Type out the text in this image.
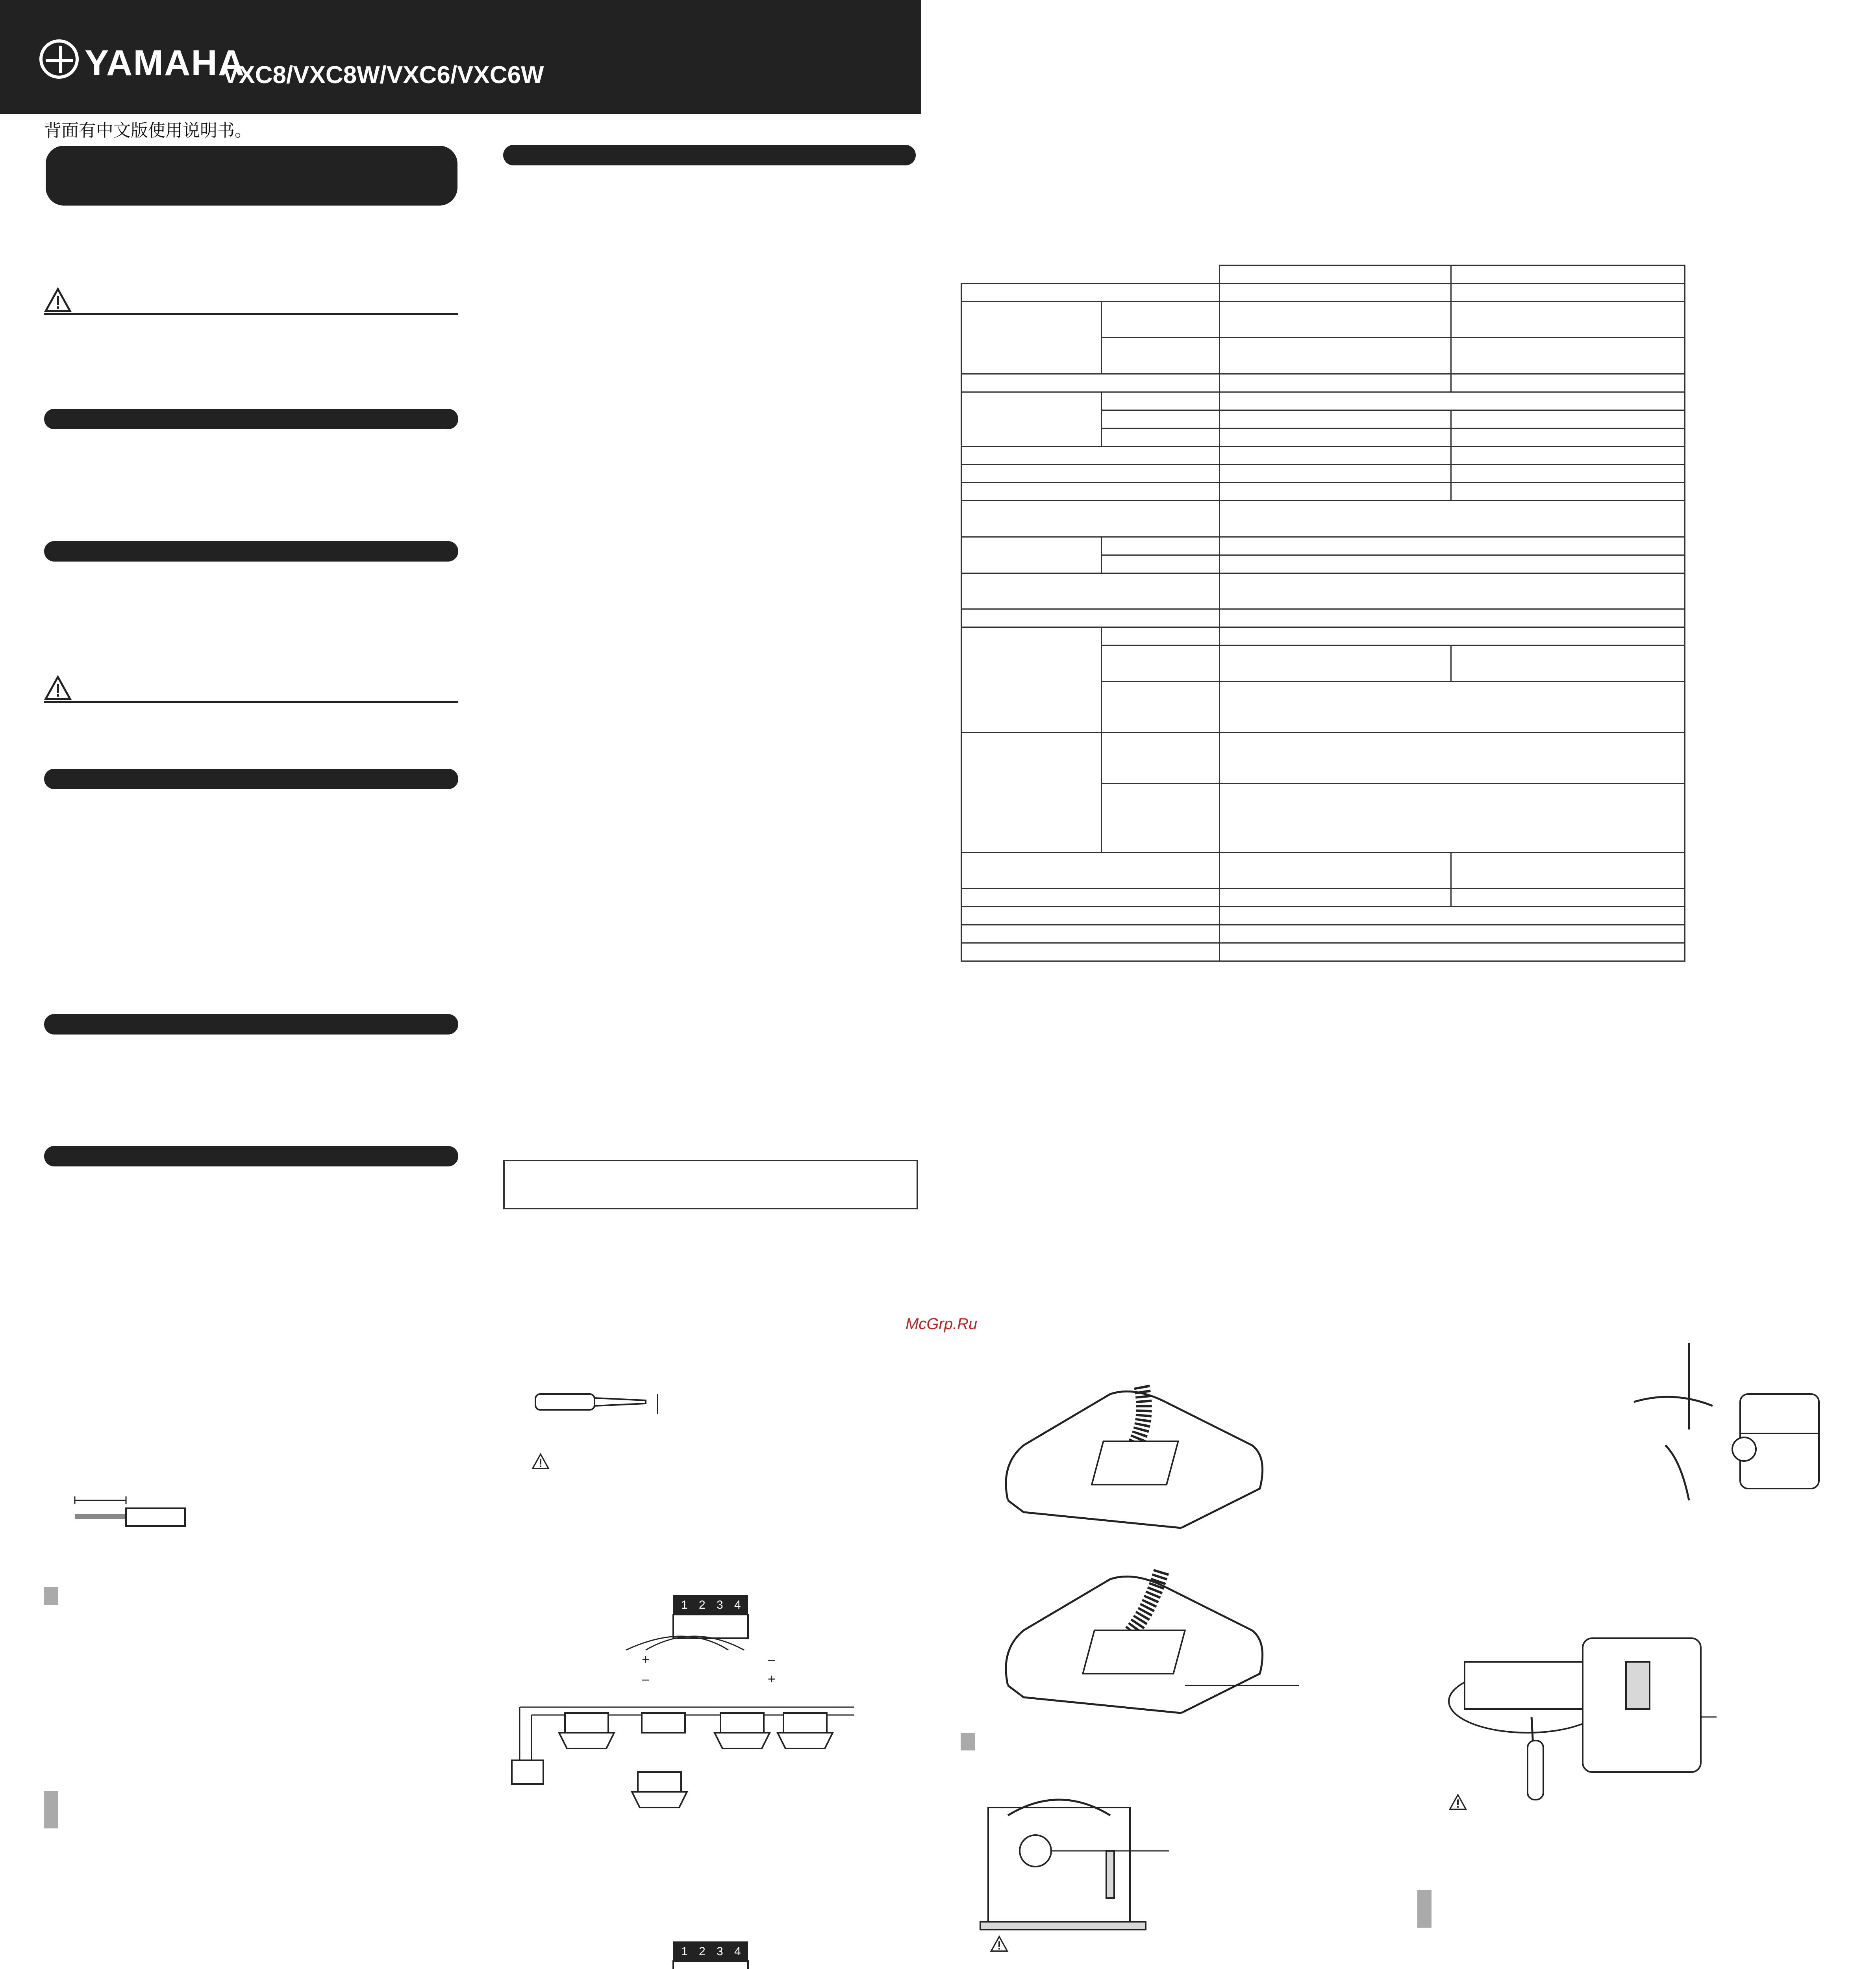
YAMAHA
VXC8/VXC8W/VXC6/VXC6W
背面有中文版使用说明书。

McGrp.Ru
1 2 3 4
+
–
–
+
1 2 3 4
